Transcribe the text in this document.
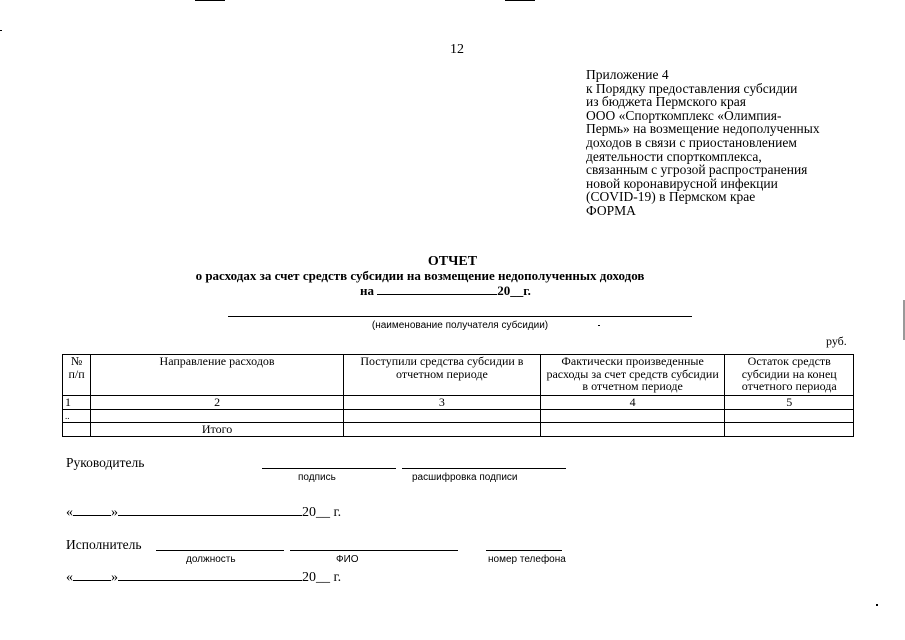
12
Приложение 4
к Порядку предоставления субсидии
из бюджета Пермского края
ООО «Спорткомплекс «Олимпия-
Пермь» на возмещение недополученных
доходов в связи с приостановлением
деятельности спорткомплекса,
связанным с угрозой распространения
новой коронавирусной инфекции
(COVID-19) в Пермском крае
ФОРМА
ОТЧЕТ
о расходах за счет средств субсидии на возмещение недополученных доходов
на	20__г.
(наименование получателя субсидии)
руб.
№ п/п	Направление расходов	Поступили средства субсидии в отчетном периоде	Фактически произведенные расходы за счет средств субсидии в отчетном периоде	Остаток средств субсидии на конец отчетного периода
1	2	3	4	5
..				
	Итого			
Руководитель
подпись	расшифровка подписи
«	»	20__ г.
Исполнитель
должность	ФИО	номер телефона
«	»	20__ г.
